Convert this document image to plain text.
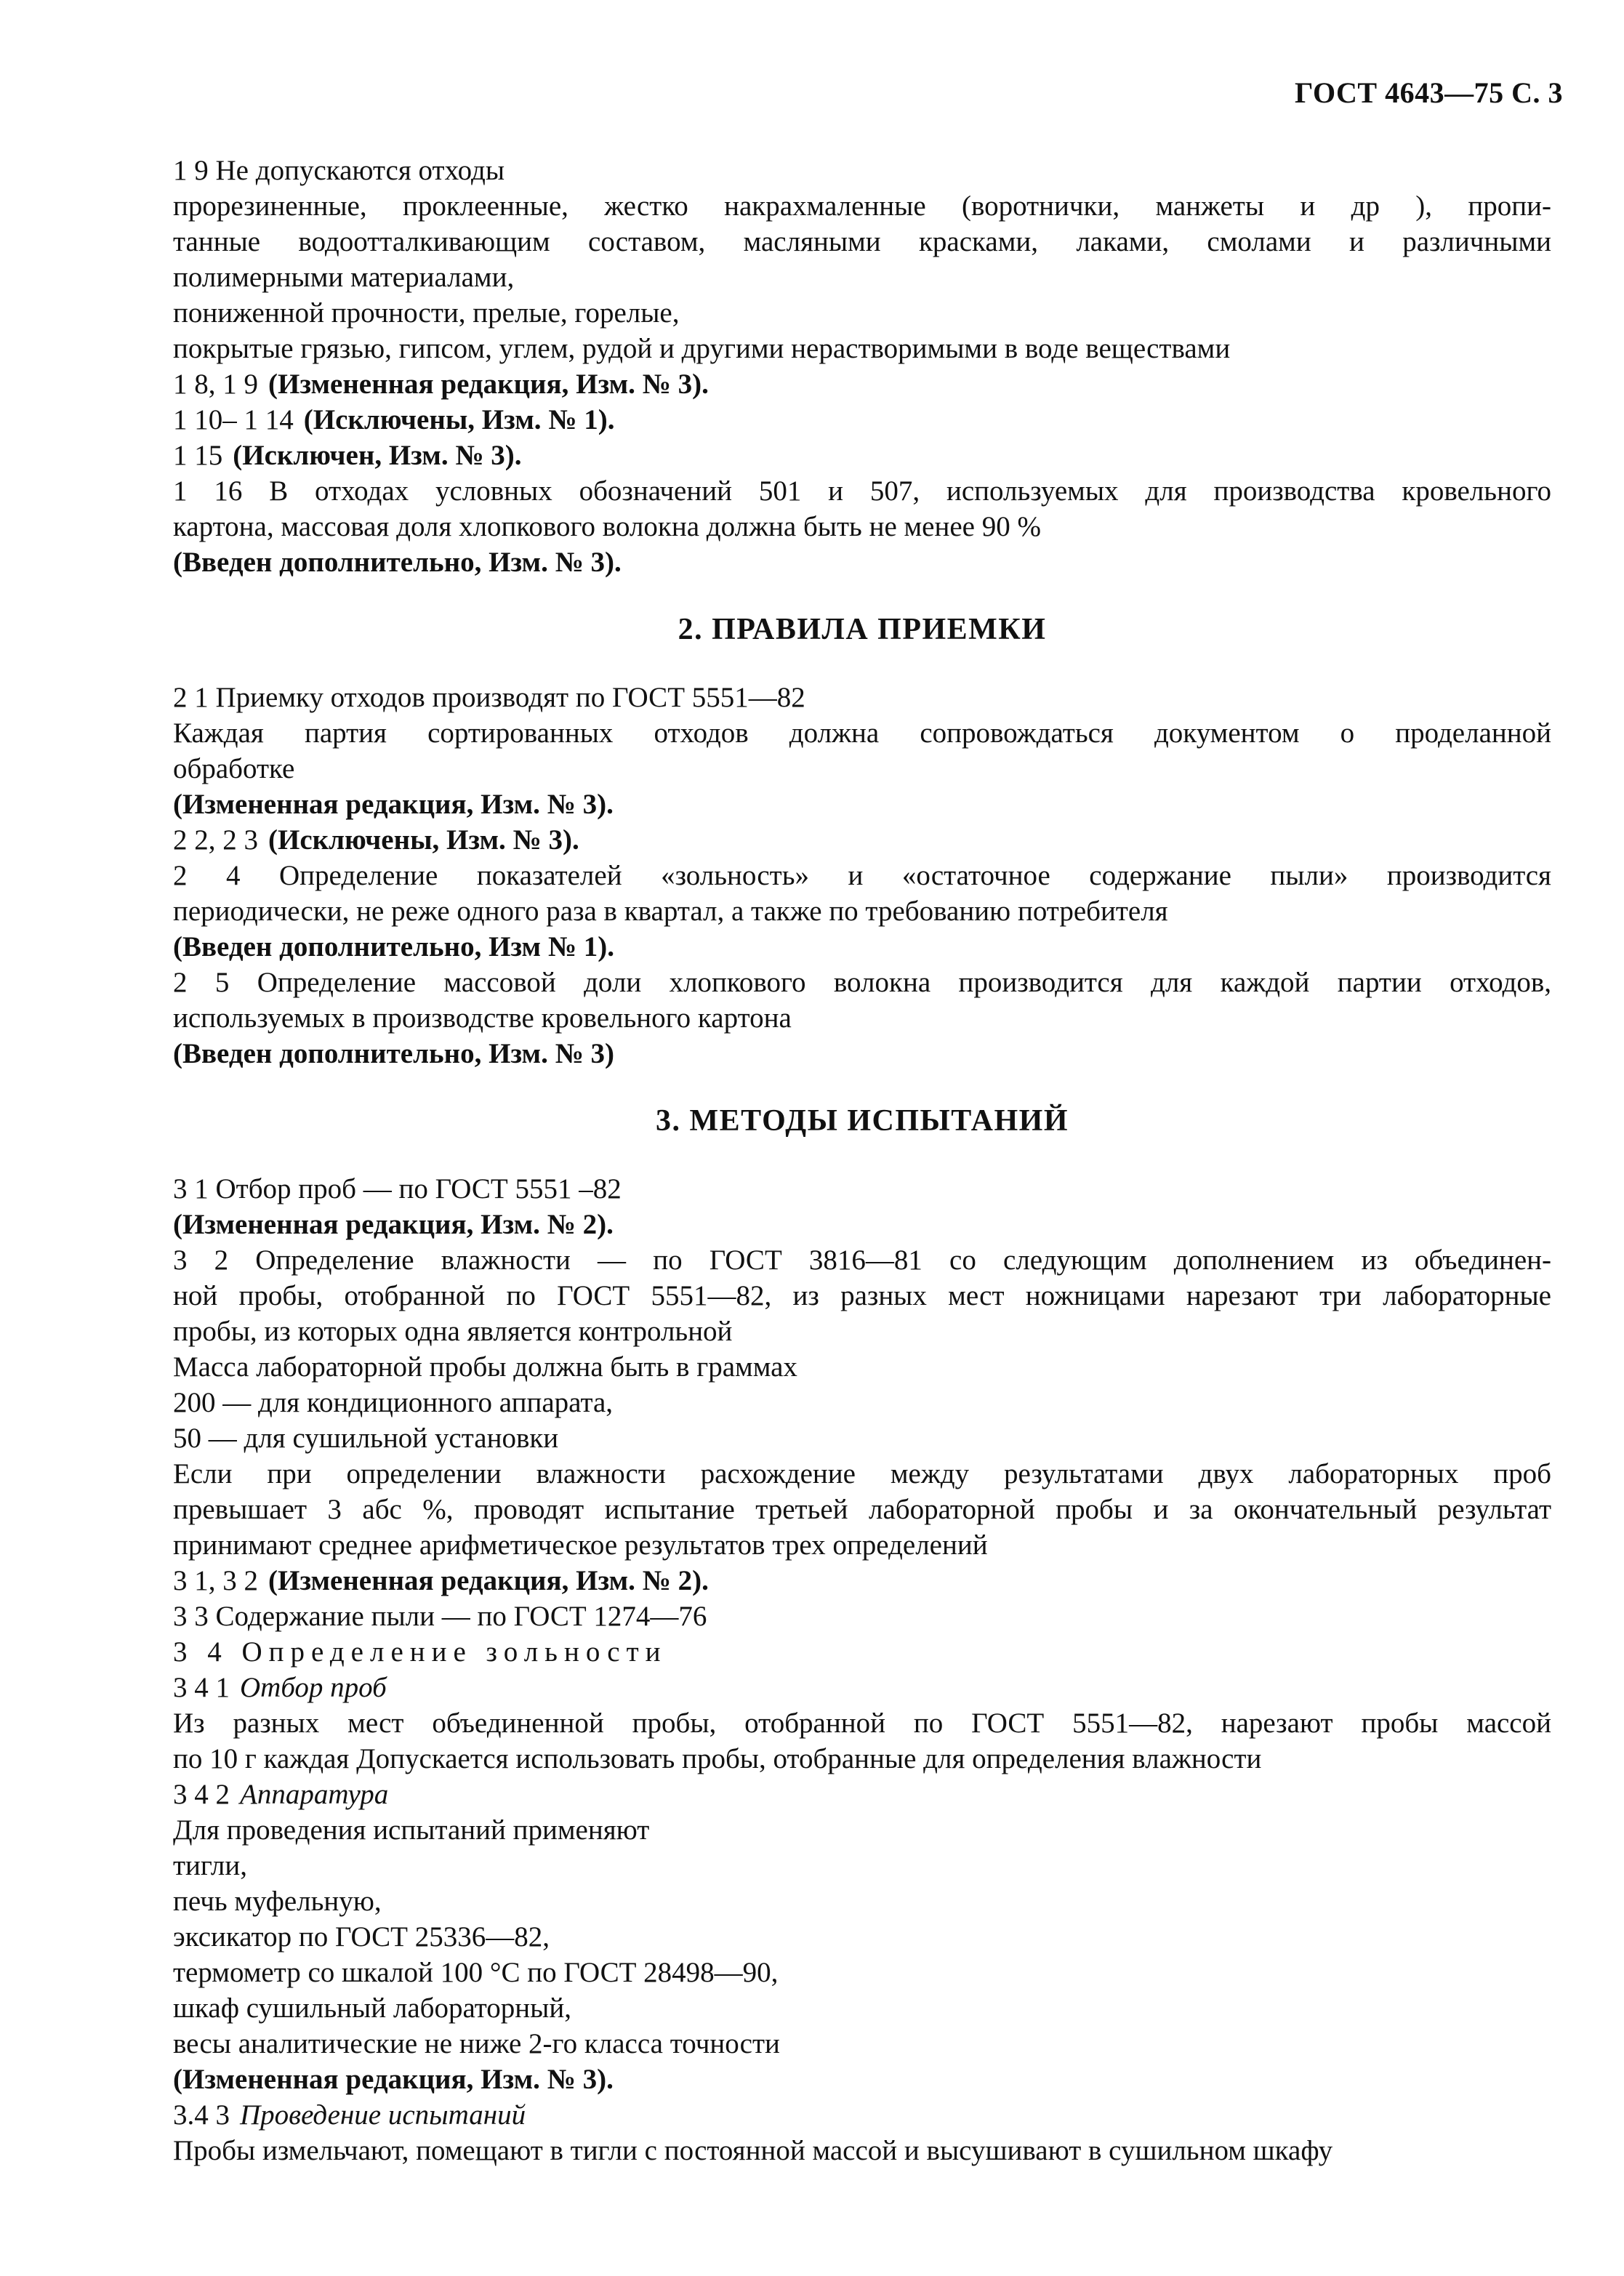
ГОСТ 4643—75 С. 3
1 9 Не допускаются отходы
прорезиненные, проклеенные, жестко накрахмаленные (воротнички, манжеты и др ), пропи-
танные водоотталкивающим составом, масляными красками, лаками, смолами и различными
полимерными материалами,
пониженной прочности, прелые, горелые,
покрытые грязью, гипсом, углем, рудой и другими нерастворимыми в воде веществами
1 8, 1 9 (Измененная редакция, Изм. № 3).
1 10– 1 14 (Исключены, Изм. № 1).
1 15 (Исключен, Изм. № 3).
1 16 В отходах условных обозначений 501 и 507, используемых для производства кровельного
картона, массовая доля хлопкового волокна должна быть не менее 90 %
(Введен дополнительно, Изм. № 3).
2. ПРАВИЛА ПРИЕМКИ
2 1 Приемку отходов производят по ГОСТ 5551—82
Каждая партия сортированных отходов должна сопровождаться документом о проделанной
обработке
(Измененная редакция, Изм. № 3).
2 2, 2 3 (Исключены, Изм. № 3).
2 4 Определение показателей «зольность» и «остаточное содержание пыли» производится
периодически, не реже одного раза в квартал, а также по требованию потребителя
(Введен дополнительно, Изм № 1).
2 5 Определение массовой доли хлопкового волокна производится для каждой партии отходов,
используемых в производстве кровельного картона
(Введен дополнительно, Изм. № 3)
3. МЕТОДЫ ИСПЫТАНИЙ
3 1 Отбор проб — по ГОСТ 5551 –82
(Измененная редакция, Изм. № 2).
3 2 Определение влажности — по ГОСТ 3816—81 со следующим дополнением из объединен-
ной пробы, отобранной по ГОСТ 5551—82, из разных мест ножницами нарезают три лабораторные
пробы, из которых одна является контрольной
Масса лабораторной пробы должна быть в граммах
200 — для кондиционного аппарата,
50 — для сушильной установки
Если при определении влажности расхождение между результатами двух лабораторных проб
превышает 3 абс %, проводят испытание третьей лабораторной пробы и за окончательный результат
принимают среднее арифметическое результатов трех определений
3 1, 3 2 (Измененная редакция, Изм. № 2).
3 3 Содержание пыли — по ГОСТ 1274—76
3 4 Определение зольности
3 4 1 Отбор проб
Из разных мест объединенной пробы, отобранной по ГОСТ 5551—82, нарезают пробы массой
по 10 г каждая Допускается использовать пробы, отобранные для определения влажности
3 4 2 Аппаратура
Для проведения испытаний применяют
тигли,
печь муфельную,
эксикатор по ГОСТ 25336—82,
термометр со шкалой 100 °С по ГОСТ 28498—90,
шкаф сушильный лабораторный,
весы аналитические не ниже 2-го класса точности
(Измененная редакция, Изм. № 3).
3.4 3 Проведение испытаний
Пробы измельчают, помещают в тигли с постоянной массой и высушивают в сушильном шкафу
